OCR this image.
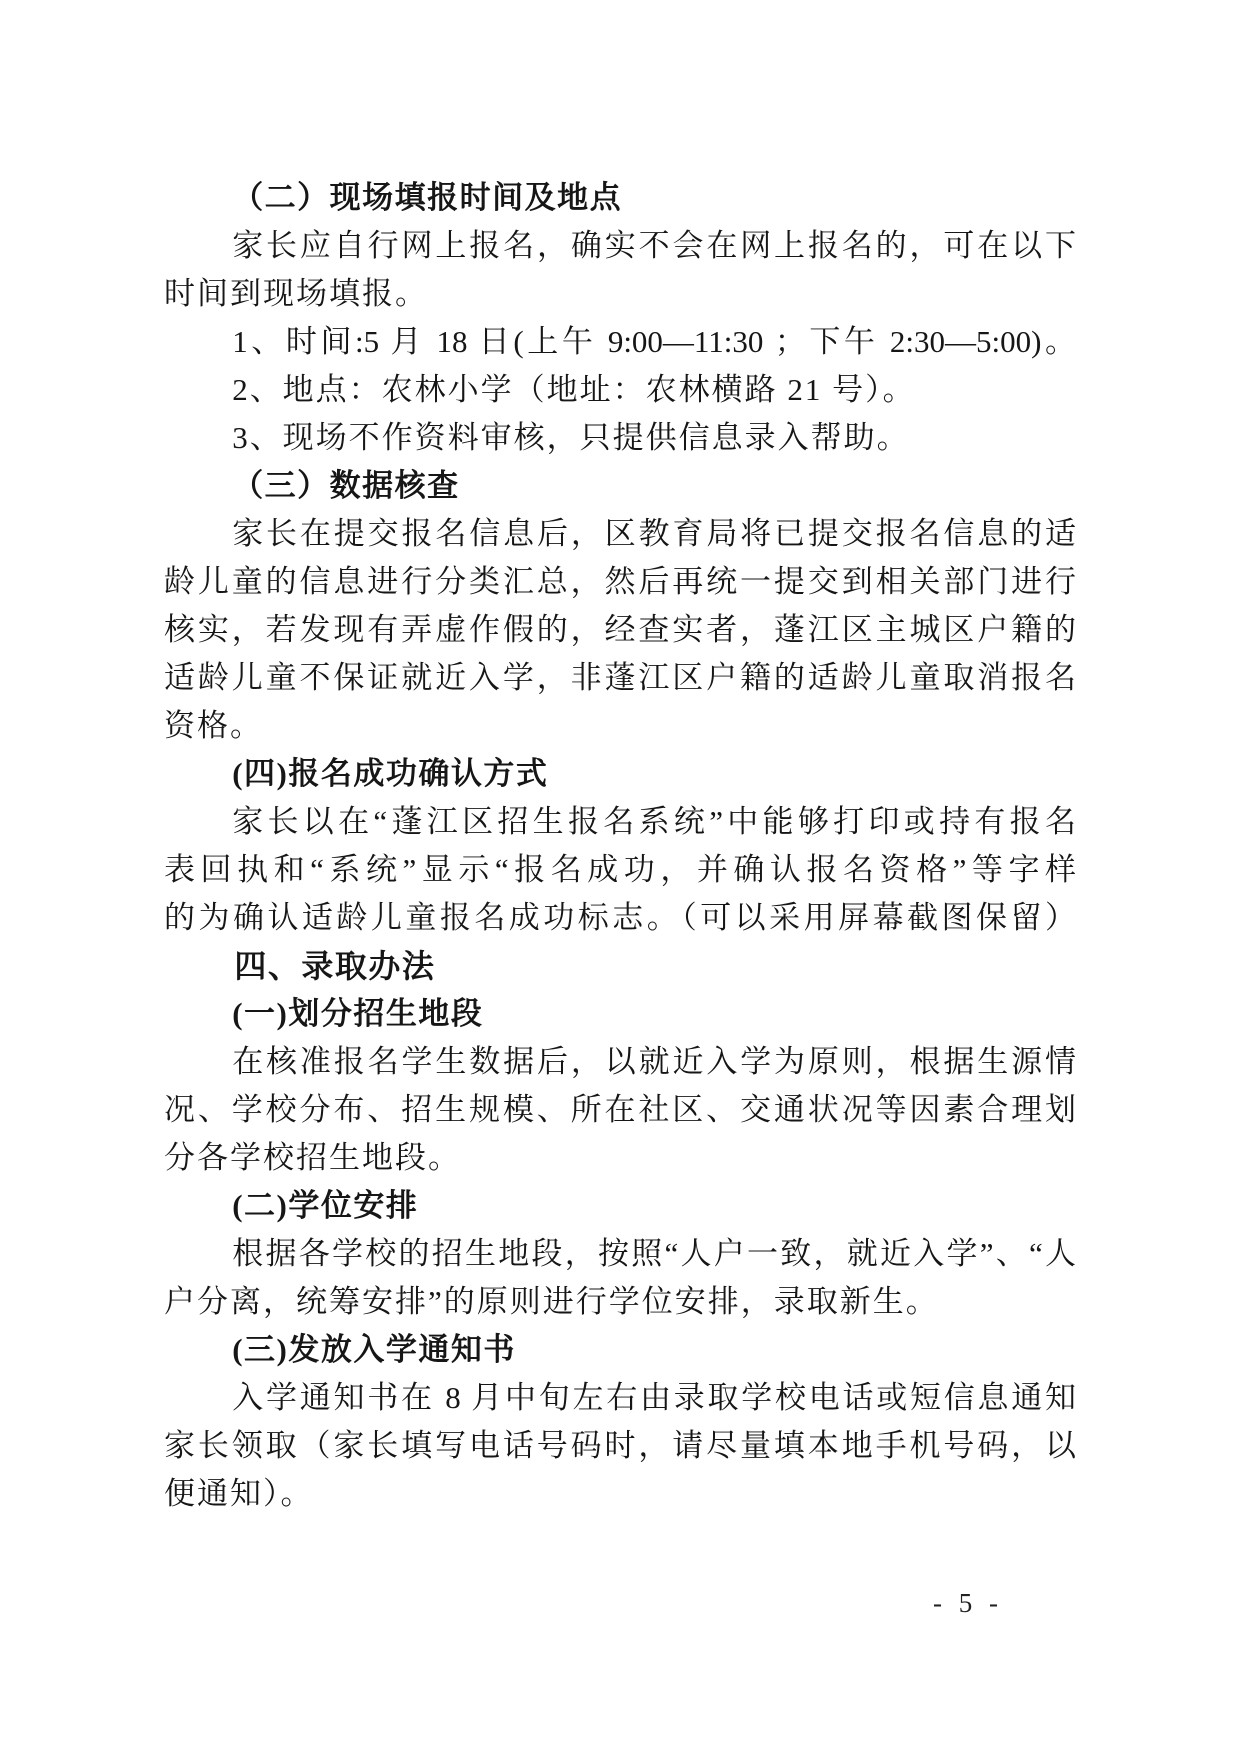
（二）现场填报时间及地点
家长应自行网上报名，确实不会在网上报名的，可在以下
时间到现场填报。
1、时间:5 月 18 日(上午 9:00—11:30 ；下午 2:30—5:00)。
2、地点：农林小学（地址：农林横路 21 号）。
3、现场不作资料审核，只提供信息录入帮助。
（三）数据核查
家长在提交报名信息后，区教育局将已提交报名信息的适
龄儿童的信息进行分类汇总，然后再统一提交到相关部门进行
核实，若发现有弄虚作假的，经查实者，蓬江区主城区户籍的
适龄儿童不保证就近入学，非蓬江区户籍的适龄儿童取消报名
资格。
(四)报名成功确认方式
家长以在“蓬江区招生报名系统”中能够打印或持有报名
表回执和“系统”显示“报名成功，并确认报名资格”等字样
的为确认适龄儿童报名成功标志。（可以采用屏幕截图保留）
四、录取办法
(一)划分招生地段
在核准报名学生数据后，以就近入学为原则，根据生源情
况、学校分布、招生规模、所在社区、交通状况等因素合理划
分各学校招生地段。
(二)学位安排
根据各学校的招生地段，按照“人户一致，就近入学”、“人
户分离，统筹安排”的原则进行学位安排，录取新生。
(三)发放入学通知书
入学通知书在 8 月中旬左右由录取学校电话或短信息通知
家长领取（家长填写电话号码时，请尽量填本地手机号码，以
便通知）。
- 5 -
